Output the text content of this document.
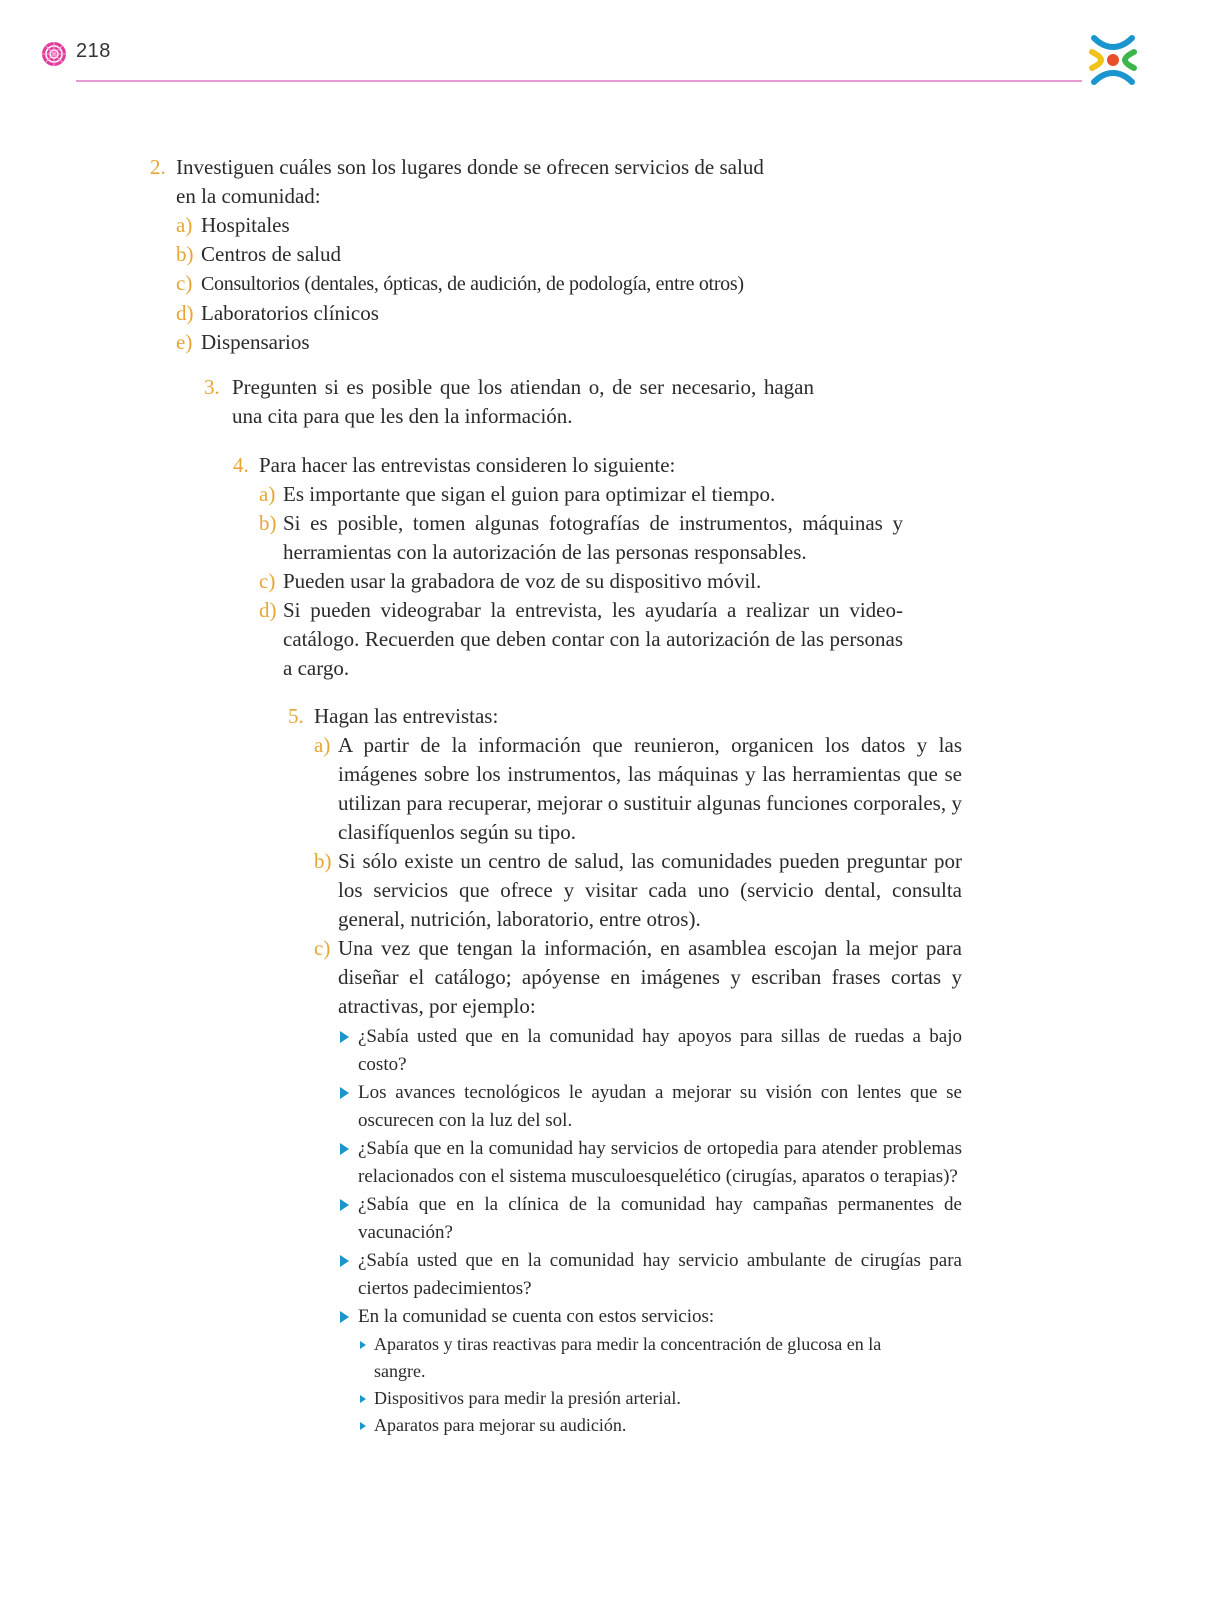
218
2. Investiguen cuáles son los lugares donde se ofrecen servicios de salud
en la comunidad:
a) Hospitales
b) Centros de salud
c) Consultorios (dentales, ópticas, de audición, de podología, entre otros)
d) Laboratorios clínicos
e) Dispensarios
3. Pregunten si es posible que los atiendan o, de ser necesario, hagan una cita para que les den la información.
4. Para hacer las entrevistas consideren lo siguiente:
a) Es importante que sigan el guion para optimizar el tiempo.
b) Si es posible, tomen algunas fotografías de instrumentos, máquinas y herramientas con la autorización de las personas responsables.
c) Pueden usar la grabadora de voz de su dispositivo móvil.
d) Si pueden videograbar la entrevista, les ayudaría a realizar un videocatálogo. Recuerden que deben contar con la autorización de las personas a cargo.
5. Hagan las entrevistas:
a) A partir de la información que reunieron, organicen los datos y las imágenes sobre los instrumentos, las máquinas y las herramientas que se utilizan para recuperar, mejorar o sustituir algunas funciones corporales, y clasifíquenlos según su tipo.
b) Si sólo existe un centro de salud, las comunidades pueden preguntar por los servicios que ofrece y visitar cada uno (servicio dental, consulta general, nutrición, laboratorio, entre otros).
c) Una vez que tengan la información, en asamblea escojan la mejor para diseñar el catálogo; apóyense en imágenes y escriban frases cortas y atractivas, por ejemplo:
¿Sabía usted que en la comunidad hay apoyos para sillas de ruedas a bajo costo?
Los avances tecnológicos le ayudan a mejorar su visión con lentes que se oscurecen con la luz del sol.
¿Sabía que en la comunidad hay servicios de ortopedia para atender problemas relacionados con el sistema musculoesquelético (cirugías, aparatos o terapias)?
¿Sabía que en la clínica de la comunidad hay campañas permanentes de vacunación?
¿Sabía usted que en la comunidad hay servicio ambulante de cirugías para ciertos padecimientos?
En la comunidad se cuenta con estos servicios:
Aparatos y tiras reactivas para medir la concentración de glucosa en la sangre.
Dispositivos para medir la presión arterial.
Aparatos para mejorar su audición.
